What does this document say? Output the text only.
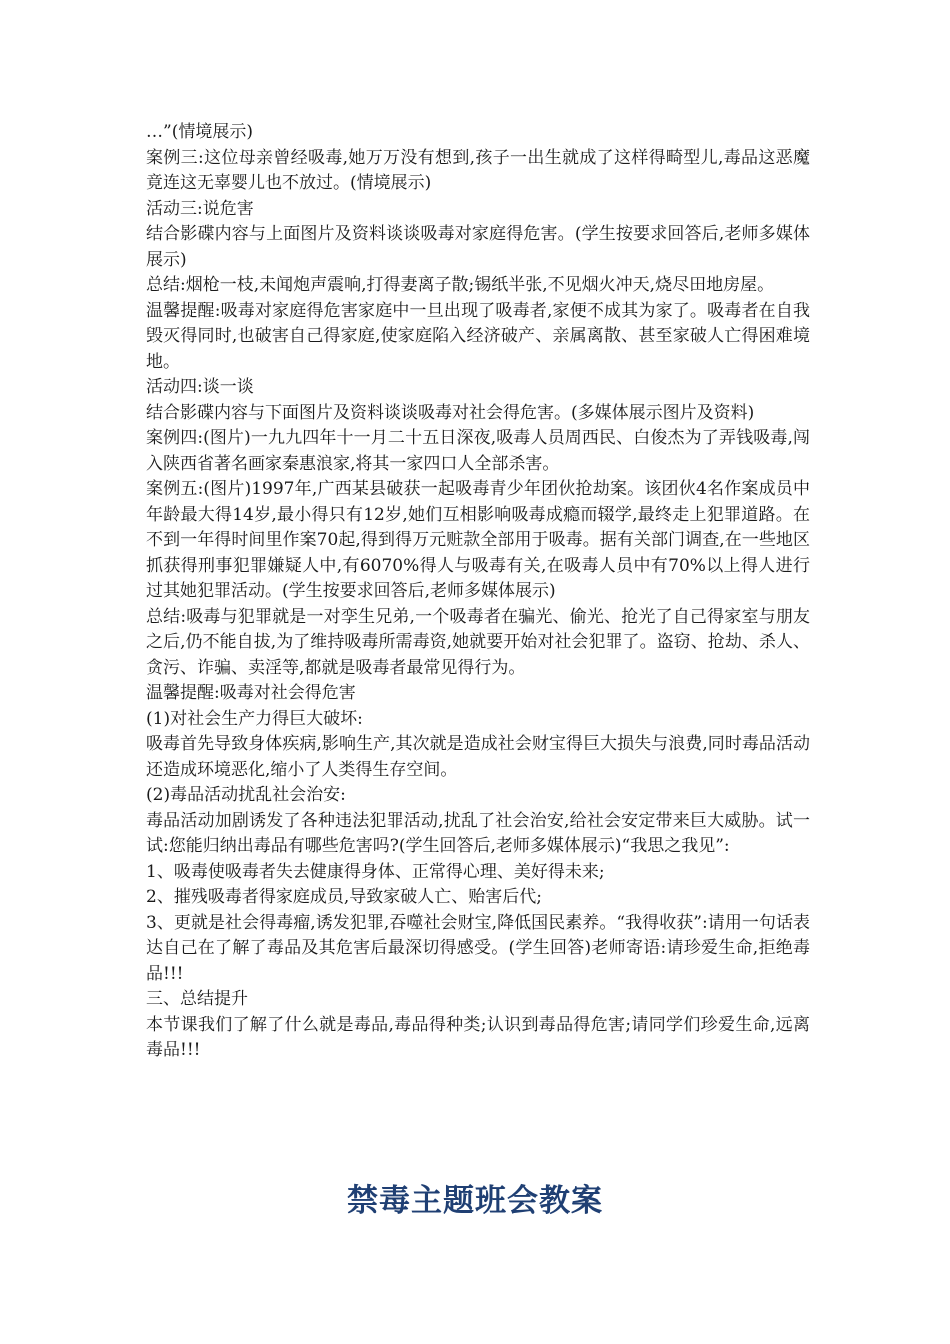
…”(情境展示)

案例三:这位母亲曾经吸毒,她万万没有想到,孩子一出生就成了这样得畸型儿,毒品这恶魔竟连这无辜婴儿也不放过。(情境展示)

活动三:说危害

结合影碟内容与上面图片及资料谈谈吸毒对家庭得危害。(学生按要求回答后,老师多媒体展示)

总结:烟枪一枝,未闻炮声震响,打得妻离子散;锡纸半张,不见烟火冲天,烧尽田地房屋。

温馨提醒:吸毒对家庭得危害家庭中一旦出现了吸毒者,家便不成其为家了。吸毒者在自我毁灭得同时,也破害自己得家庭,使家庭陷入经济破产、亲属离散、甚至家破人亡得困难境地。

活动四:谈一谈

结合影碟内容与下面图片及资料谈谈吸毒对社会得危害。(多媒体展示图片及资料)

案例四:(图片)一九九四年十一月二十五日深夜,吸毒人员周西民、白俊杰为了弄钱吸毒,闯入陕西省著名画家秦惠浪家,将其一家四口人全部杀害。

案例五:(图片)1997年,广西某县破获一起吸毒青少年团伙抢劫案。该团伙4名作案成员中年龄最大得14岁,最小得只有12岁,她们互相影响吸毒成瘾而辍学,最终走上犯罪道路。在不到一年得时间里作案70起,得到得万元赃款全部用于吸毒。据有关部门调查,在一些地区抓获得刑事犯罪嫌疑人中,有6070%得人与吸毒有关,在吸毒人员中有70%以上得人进行过其她犯罪活动。(学生按要求回答后,老师多媒体展示)

总结:吸毒与犯罪就是一对孪生兄弟,一个吸毒者在骗光、偷光、抢光了自己得家室与朋友之后,仍不能自拔,为了维持吸毒所需毒资,她就要开始对社会犯罪了。盗窃、抢劫、杀人、贪污、诈骗、卖淫等,都就是吸毒者最常见得行为。

温馨提醒:吸毒对社会得危害

(1)对社会生产力得巨大破坏:

吸毒首先导致身体疾病,影响生产,其次就是造成社会财宝得巨大损失与浪费,同时毒品活动还造成环境恶化,缩小了人类得生存空间。

(2)毒品活动扰乱社会治安:

毒品活动加剧诱发了各种违法犯罪活动,扰乱了社会治安,给社会安定带来巨大威胁。试一试:您能归纳出毒品有哪些危害吗?(学生回答后,老师多媒体展示)“我思之我见”:

1、吸毒使吸毒者失去健康得身体、正常得心理、美好得未来;

2、摧残吸毒者得家庭成员,导致家破人亡、贻害后代;

3、更就是社会得毒瘤,诱发犯罪,吞噬社会财宝,降低国民素养。“我得收获”:请用一句话表达自己在了解了毒品及其危害后最深切得感受。(学生回答)老师寄语:请珍爱生命,拒绝毒品!!!

三、总结提升

本节课我们了解了什么就是毒品,毒品得种类;认识到毒品得危害;请同学们珍爱生命,远离毒品!!!

禁毒主题班会教案
